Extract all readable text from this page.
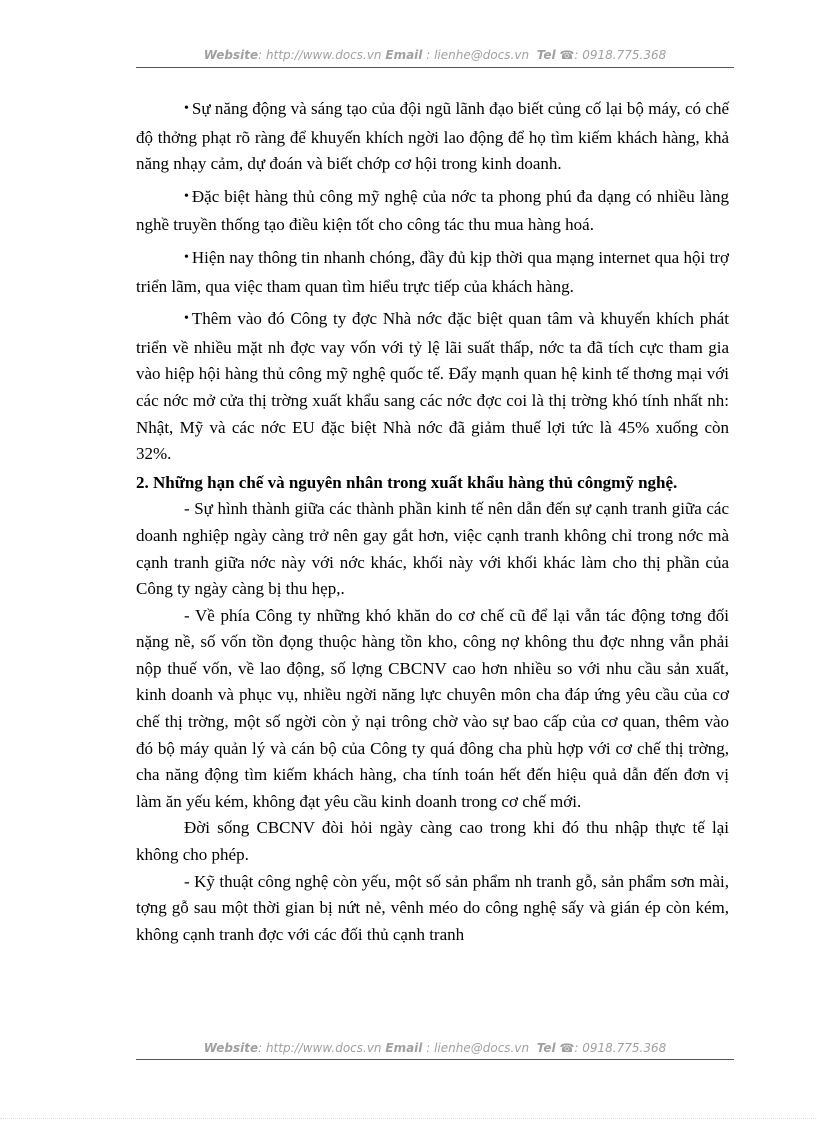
Website: http://www.docs.vn Email : lienhe@docs.vn Tel ☎: 0918.775.368

• Sự năng động và sáng tạo của đội ngũ lãnh đạo biết củng cố lại bộ máy, có chế độ thởng phạt rõ ràng để khuyến khích ngời lao động để họ tìm kiếm khách hàng, khả năng nhạy cảm, dự đoán và biết chớp cơ hội trong kinh doanh.

• Đặc biệt hàng thủ công mỹ nghệ của nớc ta phong phú đa dạng có nhiều làng nghề truyền thống tạo điều kiện tốt cho công tác thu mua hàng hoá.

• Hiện nay thông tin nhanh chóng, đầy đủ kịp thời qua mạng internet qua hội trợ triển lãm, qua việc tham quan tìm hiểu trực tiếp của khách hàng.

• Thêm vào đó Công ty đợc Nhà nớc đặc biệt quan tâm và khuyến khích phát triển về nhiều mặt nh đợc vay vốn với tỷ lệ lãi suất thấp, nớc ta đã tích cực tham gia vào hiệp hội hàng thủ công mỹ nghệ quốc tế. Đẩy mạnh quan hệ kinh tế thơng mại với các nớc mở cửa thị trờng xuất khẩu sang các nớc đợc coi là thị trờng khó tính nhất nh: Nhật, Mỹ và các nớc EU đặc biệt Nhà nớc đã giảm thuế lợi tức là 45% xuống còn 32%.

2. Những hạn chế và nguyên nhân trong xuất khẩu hàng thủ côngmỹ nghệ.

- Sự hình thành giữa các thành phần kinh tế nên dẫn đến sự cạnh tranh giữa các doanh nghiệp ngày càng trở nên gay gắt hơn, việc cạnh tranh không chỉ trong nớc mà cạnh tranh giữa nớc này với nớc khác, khối này với khối khác làm cho thị phần của Công ty ngày càng bị thu hẹp,.

- Về phía Công ty những khó khăn do cơ chế cũ để lại vẫn tác động tơng đối nặng nề, số vốn tồn đọng thuộc hàng tồn kho, công nợ không thu đợc nhng vẫn phải nộp thuế vốn, về lao động, số lợng CBCNV cao hơn nhiều so với nhu cầu sản xuất, kinh doanh và phục vụ, nhiều ngời năng lực chuyên môn cha đáp ứng yêu cầu của cơ chế thị trờng, một số ngời còn ỷ nại trông chờ vào sự bao cấp của cơ quan, thêm vào đó bộ máy quản lý và cán bộ của Công ty quá đông cha phù hợp với cơ chế thị trờng, cha năng động tìm kiếm khách hàng, cha tính toán hết đến hiệu quả dẫn đến đơn vị làm ăn yếu kém, không đạt yêu cầu kinh doanh trong cơ chế mới.

Đời sống CBCNV đòi hỏi ngày càng cao trong khi đó thu nhập thực tế lại không cho phép.

- Kỹ thuật công nghệ còn yếu, một số sản phẩm nh tranh gỗ, sản phẩm sơn mài, tợng gỗ sau một thời gian bị nứt nẻ, vênh méo do công nghệ sấy và gián ép còn kém, không cạnh tranh đợc với các đối thủ cạnh tranh

Website: http://www.docs.vn Email : lienhe@docs.vn Tel ☎: 0918.775.368
